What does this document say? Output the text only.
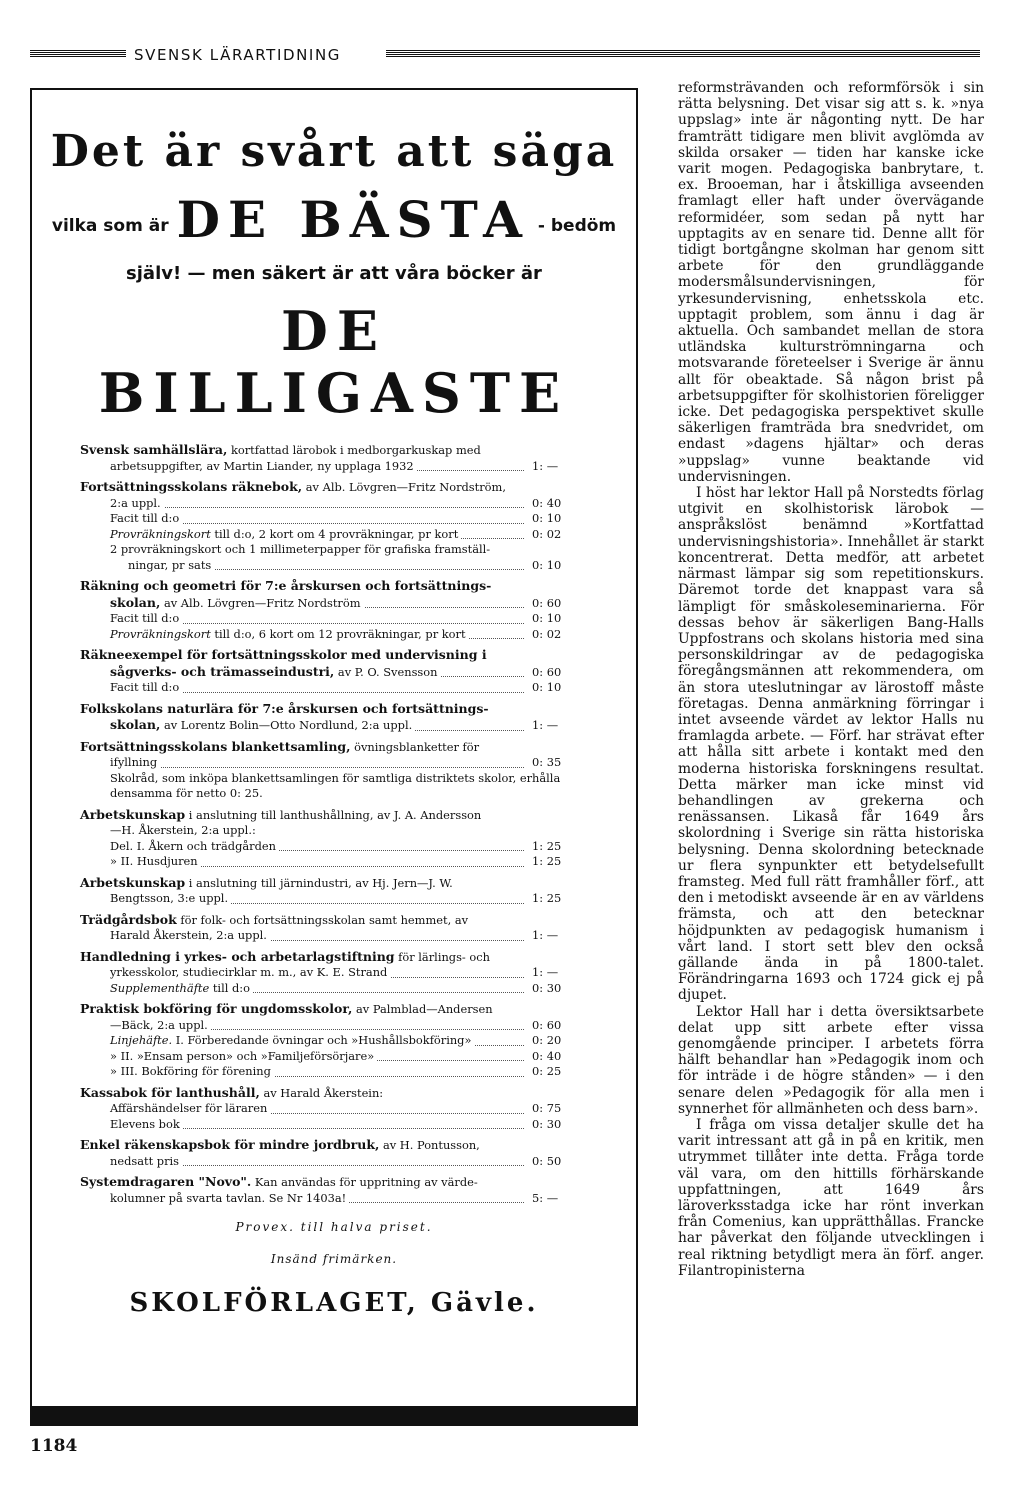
SVENSK LÄRARTIDNING
Det är svårt att säga
vilka som är DE BÄSTA - bedöm
själv! — men säkert är att våra böcker är
DE BILLIGASTE
Svensk samhällslära, kortfattad lärobok i medborgarkuskap med
arbetsuppgifter, av Martin Liander, ny upplaga 1932	1: —
Fortsättningsskolans räknebok, av Alb. Lövgren—Fritz Nordström,
2:a uppl.	0: 40
Facit till d:o	0: 10
Provräkningskort till d:o, 2 kort om 4 provräkningar, pr kort	0: 02
2 provräkningskort och 1 millimeterpapper för grafiska framställ-
ningar, pr sats	0: 10
Räkning och geometri för 7:e årskursen och fortsättnings-
skolan, av Alb. Lövgren—Fritz Nordström	0: 60
Facit till d:o	0: 10
Provräkningskort till d:o, 6 kort om 12 provräkningar, pr kort	0: 02
Räkneexempel för fortsättningsskolor med undervisning i
sågverks- och trämasseindustri, av P. O. Svensson	0: 60
Facit till d:o	0: 10
Folkskolans naturlära för 7:e årskursen och fortsättnings-
skolan, av Lorentz Bolin—Otto Nordlund, 2:a uppl.	1: —
Fortsättningsskolans blankettsamling, övningsblanketter för
ifyllning	0: 35
Skolråd, som inköpa blankettsamlingen för samtliga distriktets skolor, erhålla densamma för netto 0: 25.
Arbetskunskap i anslutning till lanthushållning, av J. A. Andersson
—H. Åkerstein, 2:a uppl.:
Del. I. Åkern och trädgården	1: 25
» II. Husdjuren	1: 25
Arbetskunskap i anslutning till järnindustri, av Hj. Jern—J. W.
Bengtsson, 3:e uppl.	1: 25
Trädgårdsbok för folk- och fortsättningsskolan samt hemmet, av
Harald Åkerstein, 2:a uppl.	1: —
Handledning i yrkes- och arbetarlagstiftning för lärlings- och
yrkesskolor, studiecirklar m. m., av K. E. Strand	1: —
Supplementhäfte till d:o	0: 30
Praktisk bokföring för ungdomsskolor, av Palmblad—Andersen
—Bäck, 2:a uppl.	0: 60
Linjehäfte. I. Förberedande övningar och »Hushållsbokföring»	0: 20
» II. »Ensam person» och »Familjeförsörjare»	0: 40
» III. Bokföring för förening	0: 25
Kassabok för lanthushåll, av Harald Åkerstein:
Affärshändelser för läraren	0: 75
Elevens bok	0: 30
Enkel räkenskapsbok för mindre jordbruk, av H. Pontusson,
nedsatt pris	0: 50
Systemdragaren "Novo". Kan användas för uppritning av värde-
kolumner på svarta tavlan. Se Nr 1403a!	5: —
Provex. till halva priset.
Insänd frimärken.
SKOLFÖRLAGET, Gävle.

reformsträvanden och reformförsök i sin rätta belysning. Det visar sig att s. k. »nya uppslag» inte är någonting nytt. De har framträtt tidigare men blivit avglömda av skilda orsaker — tiden har kanske icke varit mogen. Pedagogiska banbrytare, t. ex. Brooeman, har i åtskilliga avseenden framlagt eller haft under övervägande reformidéer, som sedan på nytt har upptagits av en senare tid. Denne allt för tidigt bortgångne skolman har genom sitt arbete för den grundläggande modersmålsundervisningen, för yrkesundervisning, enhetsskola etc. upptagit problem, som ännu i dag är aktuella. Och sambandet mellan de stora utländska kulturströmningarna och motsvarande företeelser i Sverige är ännu allt för obeaktade. Så någon brist på arbetsuppgifter för skolhistorien föreligger icke. Det pedagogiska perspektivet skulle säkerligen framträda bra snedvridet, om endast »dagens hjältar» och deras »uppslag» vunne beaktande vid undervisningen.

I höst har lektor Hall på Norstedts förlag utgivit en skolhistorisk lärobok — anspråkslöst benämnd »Kortfattad undervisningshistoria». Innehållet är starkt koncentrerat. Detta medför, att arbetet närmast lämpar sig som repetitionskurs. Däremot torde det knappast vara så lämpligt för småskoleseminarierna. För dessas behov är säkerligen Bang-Halls Uppfostrans och skolans historia med sina personskildringar av de pedagogiska föregångsmännen att rekommendera, om än stora uteslutningar av lärostoff måste företagas. Denna anmärkning förringar i intet avseende värdet av lektor Halls nu framlagda arbete. — Förf. har strävat efter att hålla sitt arbete i kontakt med den moderna historiska forskningens resultat. Detta märker man icke minst vid behandlingen av grekerna och renässansen. Likaså får 1649 års skolordning i Sverige sin rätta historiska belysning. Denna skolordning betecknade ur flera synpunkter ett betydelsefullt framsteg. Med full rätt framhåller förf., att den i metodiskt avseende är en av världens främsta, och att den betecknar höjdpunkten av pedagogisk humanism i vårt land. I stort sett blev den också gällande ända in på 1800-talet. Förändringarna 1693 och 1724 gick ej på djupet.

Lektor Hall har i detta översiktsarbete delat upp sitt arbete efter vissa genomgående principer. I arbetets förra hälft behandlar han »Pedagogik inom och för inträde i de högre stånden» — i den senare delen »Pedagogik för alla men i synnerhet för allmänheten och dess barn».

I fråga om vissa detaljer skulle det ha varit intressant att gå in på en kritik, men utrymmet tillåter inte detta. Fråga torde väl vara, om den hittills förhärskande uppfattningen, att 1649 års läroverksstadga icke har rönt inverkan från Comenius, kan upprätthållas. Francke har påverkat den följande utvecklingen i real riktning betydligt mera än förf. anger. Filantropinisterna

1184
